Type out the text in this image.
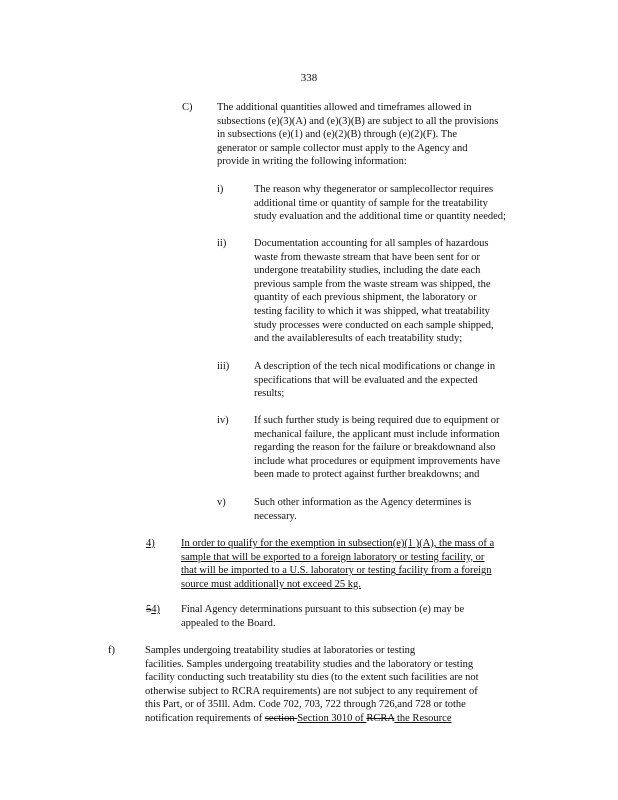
338
C)	The additional quantities allowed and timeframes allowed in
subsections (e)(3)(A) and (e)(3)(B) are subject to all the provisions
in subsections (e)(1) and (e)(2)(B) through (e)(2)(F). The
generator or sample collector must apply to the Agency and
provide in writing the following information:
i)	The reason why thegenerator or samplecollector requires
additional time or quantity of sample for the treatability
study evaluation and the additional time or quantity needed;
ii)	Documentation accounting for all samples of hazardous
waste from thewaste stream that have been sent for or
undergone treatability studies, including the date each
previous sample from the waste stream was shipped, the
quantity of each previous shipment, the laboratory or
testing facility to which it was shipped, what treatability
study processes were conducted on each sample shipped,
and the availableresults of each treatability study;
iii)	A description of the tech nical modifications or change in
specifications that will be evaluated and the expected
results;
iv)	If such further study is being required due to equipment or
mechanical failure, the applicant must include information
regarding the reason for the failure or breakdownand also
include what procedures or equipment improvements have
been made to protect against further breakdowns; and
v)	Such other information as the Agency determines is
necessary.
4)	In order to qualify for the exemption in subsection(e)(1 )(A), the mass of a
sample that will be exported to a foreign laboratory or testing facility, or
that will be imported to a U.S. laboratory or testing facility from a foreign
source must additionally not exceed 25 kg.
54)	Final Agency determinations pursuant to this subsection (e) may be
appealed to the Board.
f)	Samples undergoing treatability studies at laboratories or testing
facilities. Samples undergoing treatability studies and the laboratory or testing
facility conducting such treatability stu dies (to the extent such facilities are not
otherwise subject to RCRA requirements) are not subject to any requirement of
this Part, or of 35Ill. Adm. Code 702, 703, 722 through 726,and 728 or tothe
notification requirements of section Section 3010 of RCRA the Resource
